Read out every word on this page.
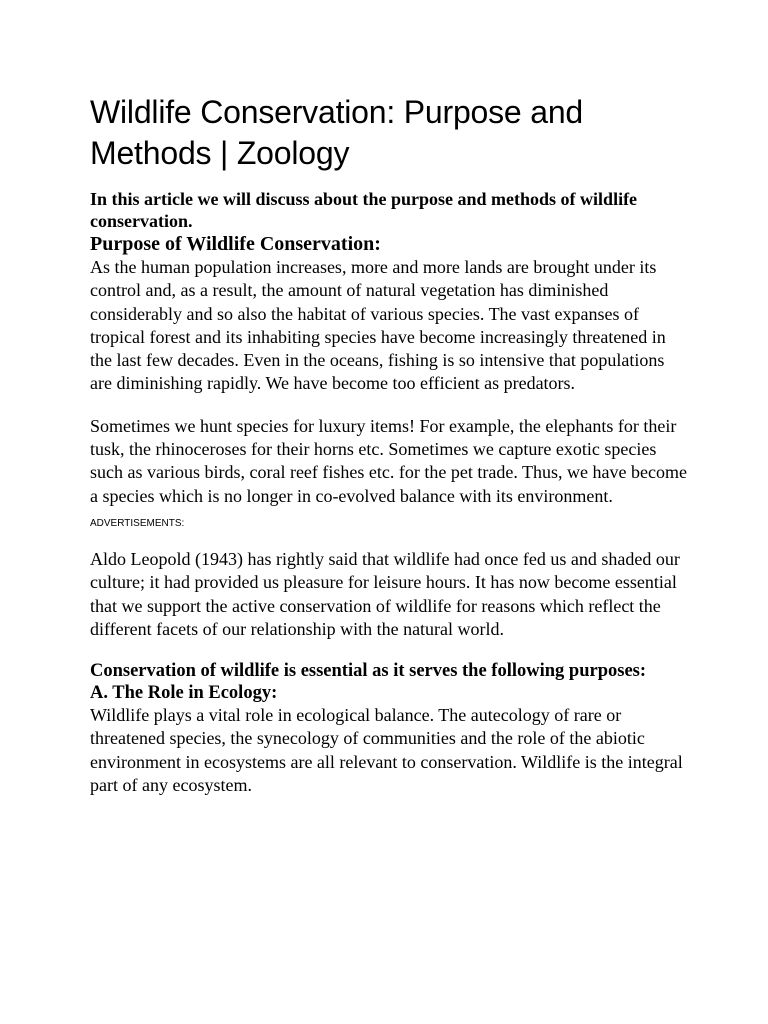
Wildlife Conservation: Purpose and Methods | Zoology

In this article we will discuss about the purpose and methods of wildlife conservation.

Purpose of Wildlife Conservation:

As the human population increases, more and more lands are brought under its control and, as a result, the amount of natural vegetation has diminished considerably and so also the habitat of various species. The vast expanses of tropical forest and its inhabiting species have become increasingly threatened in the last few decades. Even in the oceans, fishing is so intensive that populations are diminishing rapidly. We have become too efficient as predators.

Sometimes we hunt species for luxury items! For example, the elephants for their tusk, the rhinoceroses for their horns etc. Sometimes we capture exotic species such as various birds, coral reef fishes etc. for the pet trade. Thus, we have become a species which is no longer in co-evolved balance with its environment.

ADVERTISEMENTS:

Aldo Leopold (1943) has rightly said that wildlife had once fed us and shaded our culture; it had provided us pleasure for leisure hours. It has now become essential that we support the active conservation of wildlife for reasons which reflect the different facets of our relationship with the natural world.

Conservation of wildlife is essential as it serves the following purposes:

A. The Role in Ecology:

Wildlife plays a vital role in ecological balance. The autecology of rare or threatened species, the synecology of communities and the role of the abiotic environment in ecosystems are all relevant to conservation. Wildlife is the integral part of any ecosystem.
